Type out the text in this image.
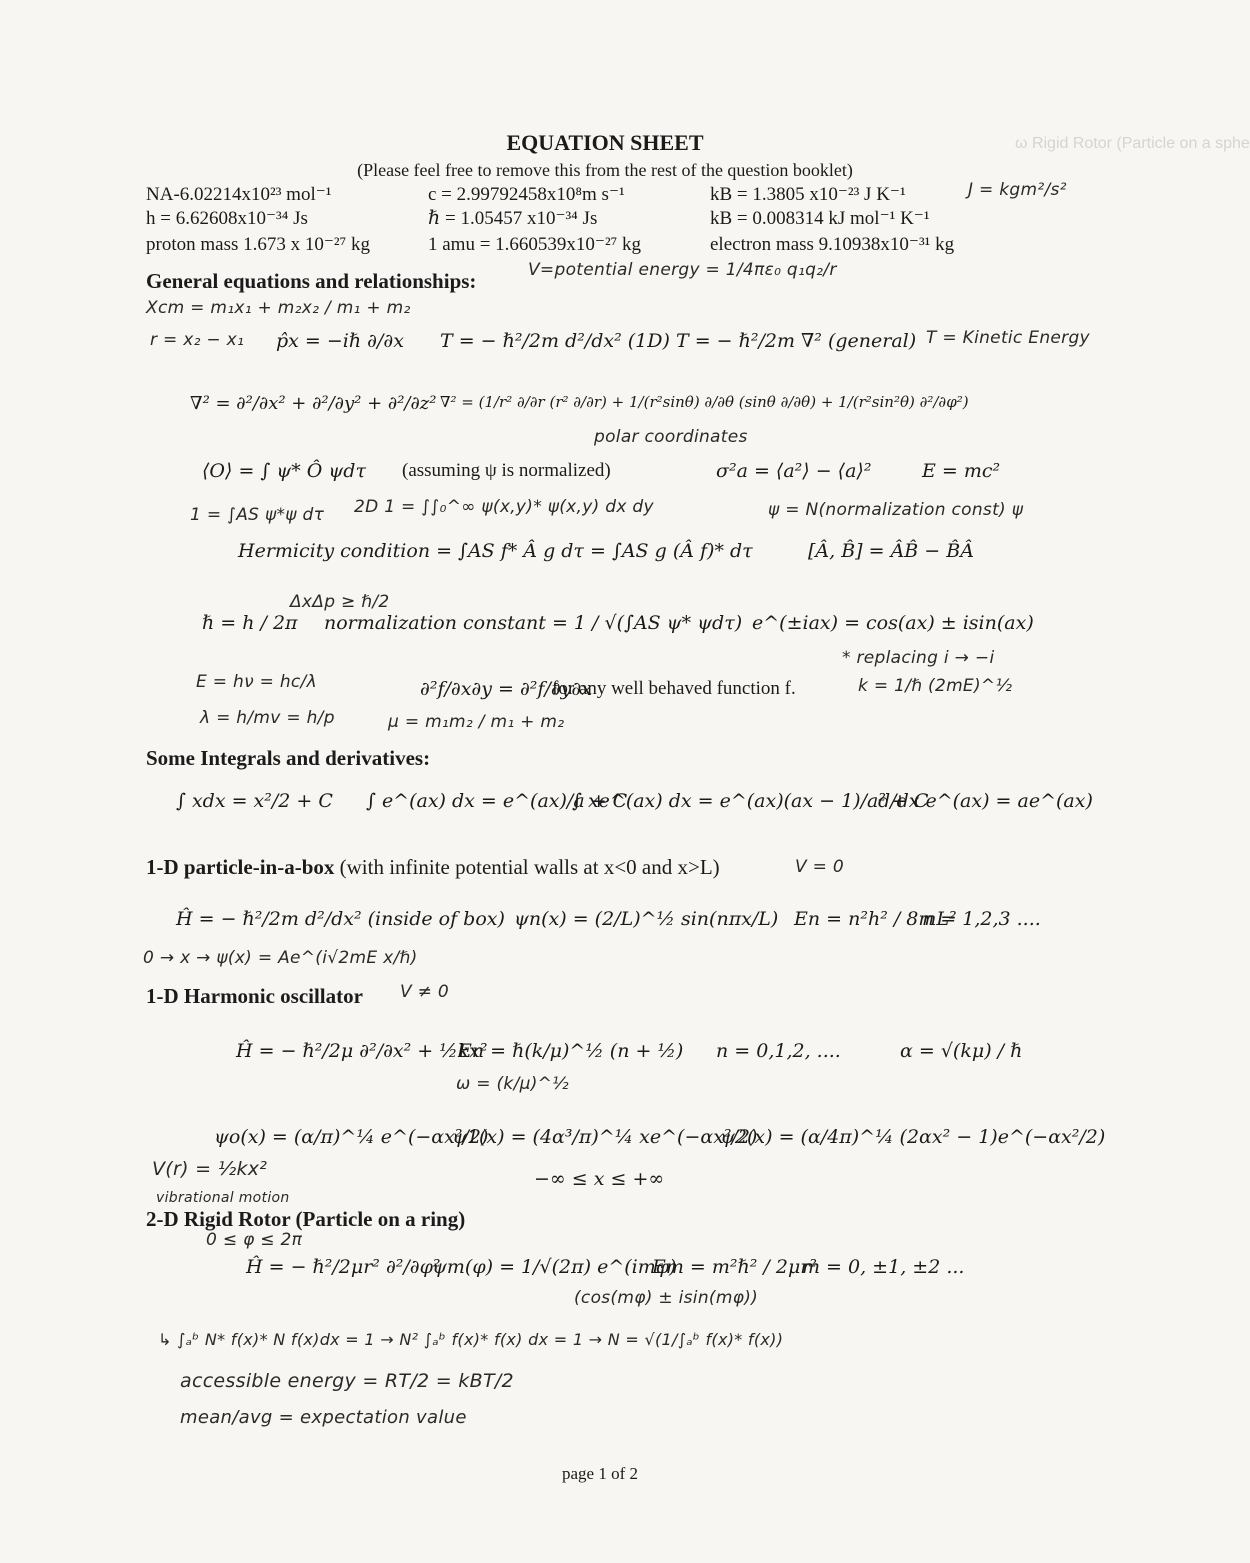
ω Rigid Rotor (Particle on a sphe
EQUATION SHEET
(Please feel free to remove this from the rest of the question booklet)
NA-6.02214x10²³ mol⁻¹	c = 2.99792458x10⁸m s⁻¹	kB = 1.3805 x10⁻²³ J K⁻¹	J = kgm²/s²
h = 6.62608x10⁻³⁴ Js	ℏ = 1.05457 x10⁻³⁴ Js	kB = 0.008314 kJ mol⁻¹ K⁻¹
proton mass 1.673 x 10⁻²⁷ kg	1 amu = 1.660539x10⁻²⁷ kg	electron mass 9.10938x10⁻³¹ kg
General equations and relationships:	V=potential energy = 1/4πε₀ q₁q₂/r
Xcm = m₁x₁ + m₂x₂ / m₁ + m₂
r = x₂ − x₁ p̂x = −iℏ ∂/∂x T = − ℏ²/2m d²/dx² (1D) T = − ℏ²/2m ∇² (general) T = Kinetic Energy
∇² = ∂²/∂x² + ∂²/∂y² + ∂²/∂z² ∇² = (1/r² ∂/∂r (r² ∂/∂r) + 1/(r²sinθ) ∂/∂θ (sinθ ∂/∂θ) + 1/(r²sin²θ) ∂²/∂φ²)
polar coordinates
⟨O⟩ = ∫ ψ* Ô ψdτ (assuming ψ is normalized)	σ²a = ⟨a²⟩ − ⟨a⟩²	E = mc²
1 = ∫AS ψ*ψ dτ 2D 1 = ∫∫₀^∞ ψ(x,y)* ψ(x,y) dx dy	ψ = N(normalization const) ψ
Hermicity condition = ∫AS f* Â g dτ = ∫AS g (Â f)* dτ	[Â, B̂] = ÂB̂ − B̂Â
ΔxΔp ≥ ℏ/2
ℏ = h / 2π normalization constant = 1 / √(∫AS ψ* ψdτ) e^(±iax) = cos(ax) ± isin(ax)
* replacing i → −i
E = hν = hc/λ	∂²f/∂x∂y = ∂²f/∂y∂x
for any well behaved function f.	k = 1/ℏ (2mE)^½
λ = h/mv = h/p	μ = m₁m₂ / m₁ + m₂
Some Integrals and derivatives:
∫ xdx = x²/2 + C ∫ e^(ax) dx = e^(ax)/a + C
∫ xe^(ax) dx = e^(ax)(ax − 1)/a² + C
d/dx e^(ax) = ae^(ax)
1-D particle-in-a-box (with infinite potential walls at x<0 and x>L)	V = 0
Ĥ = − ℏ²/2m d²/dx² (inside of box) ψn(x) = (2/L)^½ sin(nπx/L) En = n²h² / 8mL²
n = 1,2,3 ....
0 → x → ψ(x) = Ae^(i√2mE x/ℏ)
1-D Harmonic oscillator V ≠ 0
Ĥ = − ℏ²/2μ ∂²/∂x² + ½kx²
En = ℏ(k/μ)^½ (n + ½) n = 0,1,2, ....	α = √(kμ) / ℏ
ω = (k/μ)^½
ψo(x) = (α/π)^¼ e^(−αx²/2)
ψ1(x) = (4α³/π)^¼ xe^(−αx²/2)
ψ2(x) = (α/4π)^¼ (2αx² − 1)e^(−αx²/2)
−∞ ≤ x ≤ +∞
V(r) = ½kx²
vibrational motion
2-D Rigid Rotor (Particle on a ring)
0 ≤ φ ≤ 2π
Ĥ = − ℏ²/2μr² ∂²/∂φ²
ψm(φ) = 1/√(2π) e^(imφ)
Em = m²ℏ² / 2μr²
m = 0, ±1, ±2 ...
(cos(mφ) ± isin(mφ))
↳ ∫ₐᵇ N* f(x)* N f(x)dx = 1 → N² ∫ₐᵇ f(x)* f(x) dx = 1 → N = √(1/∫ₐᵇ f(x)* f(x))
accessible energy = RT/2 = kBT/2
mean/avg = expectation value
page 1 of 2
